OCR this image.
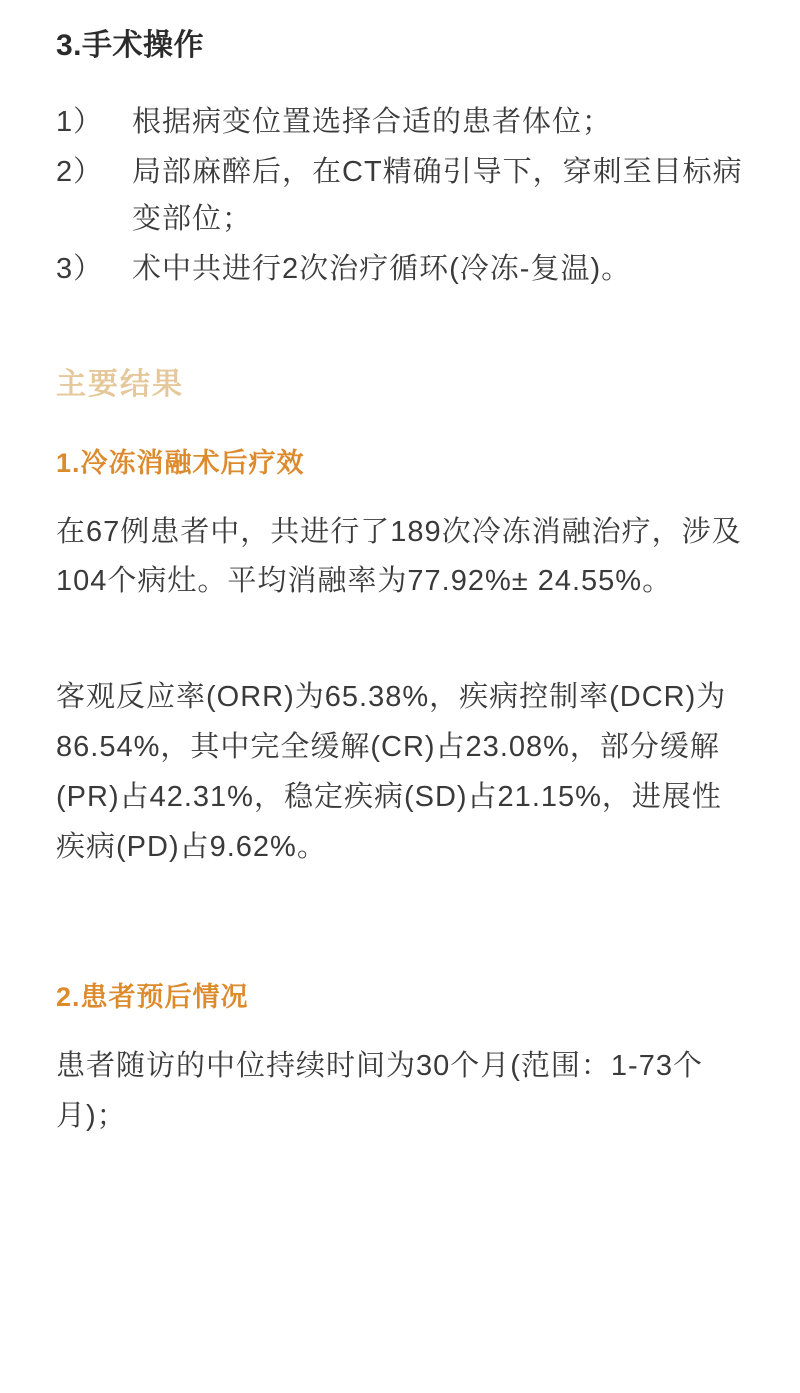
3.手术操作
1） 根据病变位置选择合适的患者体位；
2） 局部麻醉后，在CT精确引导下，穿刺至目标病变部位；
3） 术中共进行2次治疗循环(冷冻-复温)。
主要结果
1.冷冻消融术后疗效

在67例患者中，共进行了189次冷冻消融治疗，涉及104个病灶。平均消融率为77.92%± 24.55%。

客观反应率(ORR)为65.38%，疾病控制率(DCR)为86.54%，其中完全缓解(CR)占23.08%，部分缓解(PR)占42.31%，稳定疾病(SD)占21.15%，进展性疾病(PD)占9.62%。

2.患者预后情况

患者随访的中位持续时间为30个月(范围：1-73个月)；
